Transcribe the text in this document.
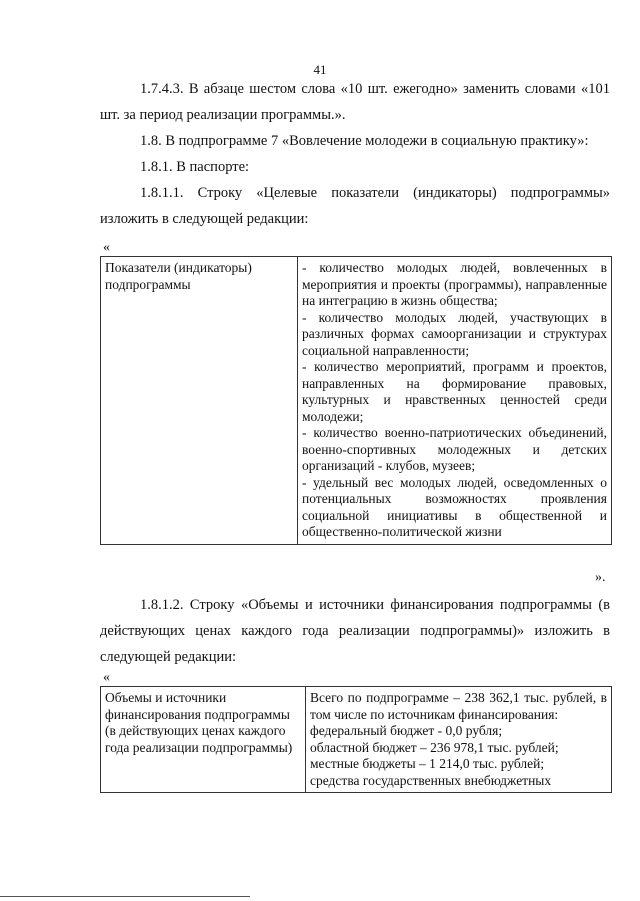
41

1.7.4.3. В абзаце шестом слова «10 шт. ежегодно» заменить словами «101 шт. за период реализации программы.».

1.8. В подпрограмме 7 «Вовлечение молодежи в социальную практику»:

1.8.1. В паспорте:

1.8.1.1. Строку «Целевые показатели (индикаторы) подпрограммы» изложить в следующей редакции:

«
Показатели (индикаторы) подпрограммы	- количество молодых людей, вовлеченных в мероприятия и проекты (программы), направленные на интеграцию в жизнь общества;
- количество молодых людей, участвующих в различных формах самоорганизации и структурах социальной направленности;
- количество мероприятий, программ и проектов, направленных на формирование правовых, культурных и нравственных ценностей среди молодежи;
- количество военно-патриотических объединений, военно-спортивных молодежных и детских организаций - клубов, музеев;
- удельный вес молодых людей, осведомленных о потенциальных возможностях проявления социальной инициативы в общественной и общественно-политической жизни
».

1.8.1.2. Строку «Объемы и источники финансирования подпрограммы (в действующих ценах каждого года реализации подпрограммы)» изложить в следующей редакции:

«
Объемы и источники финансирования подпрограммы (в действующих ценах каждого года реализации подпрограммы)	Всего по подпрограмме – 238 362,1 тыс. рублей, в том числе по источникам финансирования:
федеральный бюджет - 0,0 рубля;
областной бюджет – 236 978,1 тыс. рублей;
местные бюджеты – 1 214,0 тыс. рублей;
средства государственных внебюджетных
